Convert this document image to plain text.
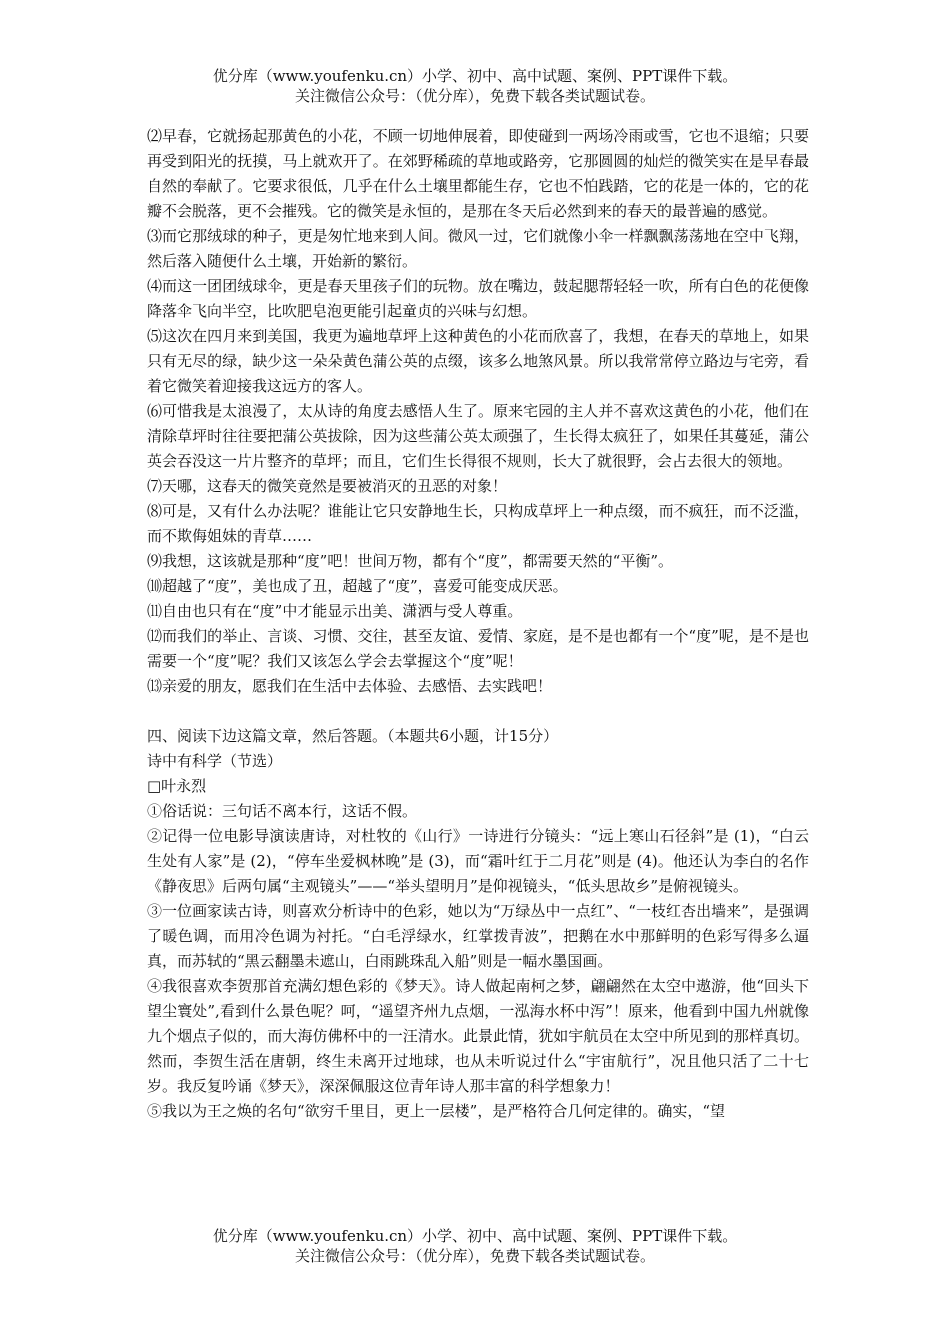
优分库（www.youfenku.cn）小学、初中、高中试题、案例、PPT课件下载。
关注微信公众号：（优分库），免费下载各类试题试卷。

⑵早春，它就扬起那黄色的小花，不顾一切地伸展着，即使碰到一两场冷雨或雪，它也不退缩；只要再受到阳光的抚摸，马上就欢开了。在郊野稀疏的草地或路旁，它那圆圆的灿烂的微笑实在是早春最自然的奉献了。它要求很低，几乎在什么土壤里都能生存，它也不怕践踏，它的花是一体的，它的花瓣不会脱落，更不会摧残。它的微笑是永恒的，是那在冬天后必然到来的春天的最普遍的感觉。

⑶而它那绒球的种子，更是匆忙地来到人间。微风一过，它们就像小伞一样飘飘荡荡地在空中飞翔，然后落入随便什么土壤，开始新的繁衍。

⑷而这一团团绒球伞，更是春天里孩子们的玩物。放在嘴边，鼓起腮帮轻轻一吹，所有白色的花便像降落伞飞向半空，比吹肥皂泡更能引起童贞的兴味与幻想。

⑸这次在四月来到美国，我更为遍地草坪上这种黄色的小花而欣喜了，我想，在春天的草地上，如果只有无尽的绿，缺少这一朵朵黄色蒲公英的点缀，该多么地煞风景。所以我常常停立路边与宅旁，看着它微笑着迎接我这远方的客人。

⑹可惜我是太浪漫了，太从诗的角度去感悟人生了。原来宅园的主人并不喜欢这黄色的小花，他们在清除草坪时往往要把蒲公英拔除，因为这些蒲公英太顽强了，生长得太疯狂了，如果任其蔓延，蒲公英会吞没这一片片整齐的草坪；而且，它们生长得很不规则，长大了就很野，会占去很大的领地。

⑺天哪，这春天的微笑竟然是要被消灭的丑恶的对象！

⑻可是，又有什么办法呢？谁能让它只安静地生长，只构成草坪上一种点缀，而不疯狂，而不泛滥，而不欺侮姐妹的青草……

⑼我想，这该就是那种“度”吧！世间万物，都有个“度”，都需要天然的“平衡”。

⑽超越了“度”，美也成了丑，超越了“度”，喜爱可能变成厌恶。

⑾自由也只有在“度”中才能显示出美、潇洒与受人尊重。

⑿而我们的举止、言谈、习惯、交往，甚至友谊、爱情、家庭，是不是也都有一个“度”呢，是不是也需要一个“度”呢？我们又该怎么学会去掌握这个“度”呢！

⒀亲爱的朋友，愿我们在生活中去体验、去感悟、去实践吧！

四、阅读下边这篇文章，然后答题。（本题共6小题，计15分）

诗中有科学（节选）

□叶永烈

①俗话说：三句话不离本行，这话不假。

②记得一位电影导演读唐诗，对杜牧的《山行》一诗进行分镜头：“远上寒山石径斜”是 (1)，“白云生处有人家”是 (2)，“停车坐爱枫林晚”是 (3)，而“霜叶红于二月花”则是 (4)。他还认为李白的名作《静夜思》后两句属“主观镜头”——“举头望明月”是仰视镜头，“低头思故乡”是俯视镜头。

③一位画家读古诗，则喜欢分析诗中的色彩，她以为“万绿丛中一点红”、“一枝红杏出墙来”，是强调了暖色调，而用冷色调为衬托。“白毛浮绿水，红掌拨青波”，把鹅在水中那鲜明的色彩写得多么逼真，而苏轼的“黑云翻墨未遮山，白雨跳珠乱入船”则是一幅水墨国画。

④我很喜欢李贺那首充满幻想色彩的《梦天》。诗人做起南柯之梦，翩翩然在太空中遨游，他“回头下望尘寰处”,看到什么景色呢？呵，“遥望齐州九点烟，一泓海水杯中泻”！原来，他看到中国九州就像九个烟点子似的，而大海仿佛杯中的一汪清水。此景此情，犹如宇航员在太空中所见到的那样真切。然而，李贺生活在唐朝，终生未离开过地球，也从未听说过什么“宇宙航行”，况且他只活了二十七岁。我反复吟诵《梦天》，深深佩服这位青年诗人那丰富的科学想象力！

⑤我以为王之焕的名句“欲穷千里目，更上一层楼”，是严格符合几何定律的。确实，“望

优分库（www.youfenku.cn）小学、初中、高中试题、案例、PPT课件下载。
关注微信公众号：（优分库），免费下载各类试题试卷。
